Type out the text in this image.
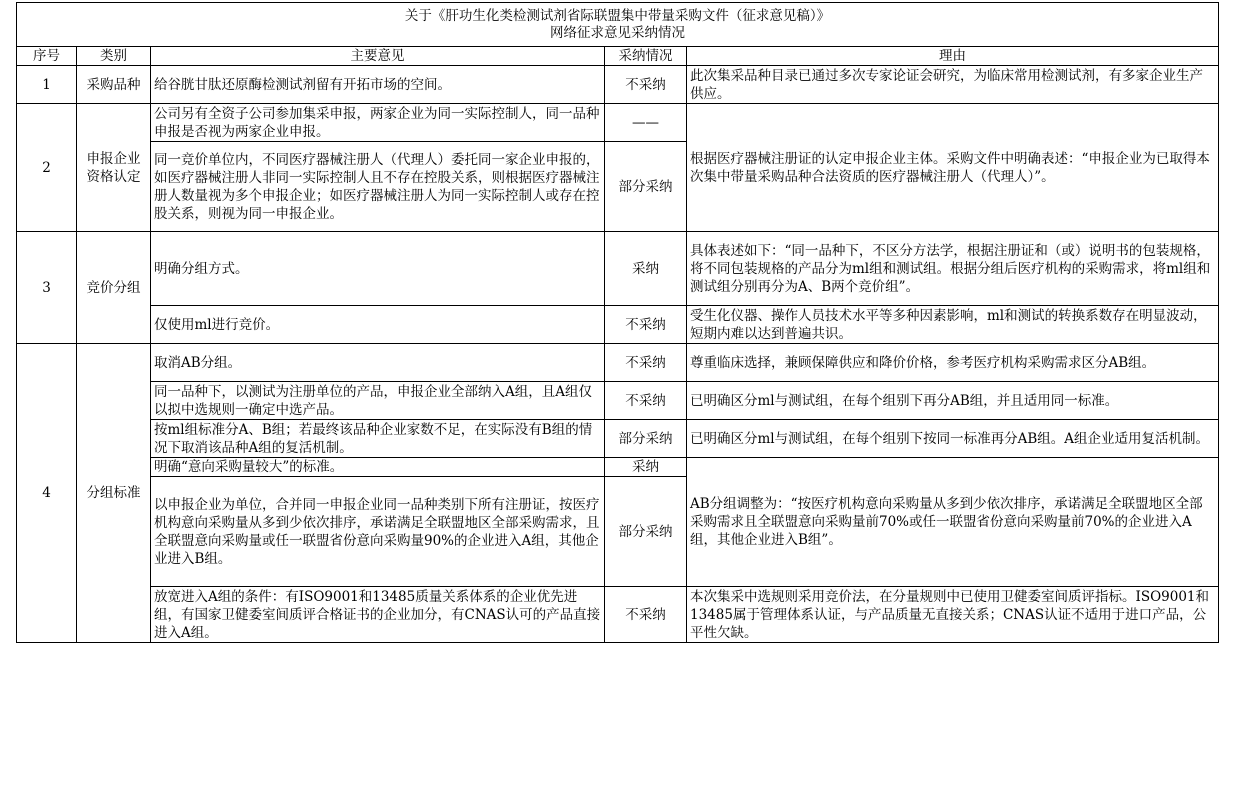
关于《肝功生化类检测试剂省际联盟集中带量采购文件（征求意见稿）》
网络征求意见采纳情况				

序号	类别	主要意见	采纳情况	理由
1	采购品种	给谷胱甘肽还原酶检测试剂留有开拓市场的空间。	不采纳	此次集采品种目录已通过多次专家论证会研究，为临床常用检测试剂，有多家企业生产供应。
2	申报企业资格认定	公司另有全资子公司参加集采申报，两家企业为同一实际控制人，同一品种申报是否视为两家企业申报。	——	根据医疗器械注册证的认定申报企业主体。采购文件中明确表述：“申报企业为已取得本次集中带量采购品种合法资质的医疗器械注册人（代理人）”。
		同一竞价单位内，不同医疗器械注册人（代理人）委托同一家企业申报的，如医疗器械注册人非同一实际控制人且不存在控股关系，则根据医疗器械注册人数量视为多个申报企业；如医疗器械注册人为同一实际控制人或存在控股关系，则视为同一申报企业。	部分采纳	
3	竞价分组	明确分组方式。	采纳	具体表述如下：“同一品种下，不区分方法学，根据注册证和（或）说明书的包装规格，将不同包装规格的产品分为ml组和测试组。根据分组后医疗机构的采购需求，将ml组和测试组分别再分为A、B两个竞价组”。
		仅使用ml进行竞价。	不采纳	受生化仪器、操作人员技术水平等多种因素影响，ml和测试的转换系数存在明显波动，短期内难以达到普遍共识。
4	分组标准	取消AB分组。	不采纳	尊重临床选择，兼顾保障供应和降价价格，参考医疗机构采购需求区分AB组。
		同一品种下，以测试为注册单位的产品，申报企业全部纳入A组，且A组仅以拟中选规则一确定中选产品。	不采纳	已明确区分ml与测试组，在每个组别下再分AB组，并且适用同一标准。
		按ml组标准分A、B组；若最终该品种企业家数不足，在实际没有B组的情况下取消该品种A组的复活机制。	部分采纳	已明确区分ml与测试组，在每个组别下按同一标准再分AB组。A组企业适用复活机制。
		明确“意向采购量较大”的标准。	采纳	AB分组调整为：“按医疗机构意向采购量从多到少依次排序，承诺满足全联盟地区全部采购需求且全联盟意向采购量前70%或任一联盟省份意向采购量前70%的企业进入A组，其他企业进入B组”。
		以申报企业为单位，合并同一申报企业同一品种类别下所有注册证，按医疗机构意向采购量从多到少依次排序，承诺满足全联盟地区全部采购需求，且全联盟意向采购量或任一联盟省份意向采购量90%的企业进入A组，其他企业进入B组。	部分采纳	
		放宽进入A组的条件：有ISO9001和13485质量关系体系的企业优先进组，有国家卫健委室间质评合格证书的企业加分，有CNAS认可的产品直接进入A组。	不采纳	本次集采中选规则采用竞价法，在分量规则中已使用卫健委室间质评指标。ISO9001和13485属于管理体系认证，与产品质量无直接关系；CNAS认证不适用于进口产品，公平性欠缺。
